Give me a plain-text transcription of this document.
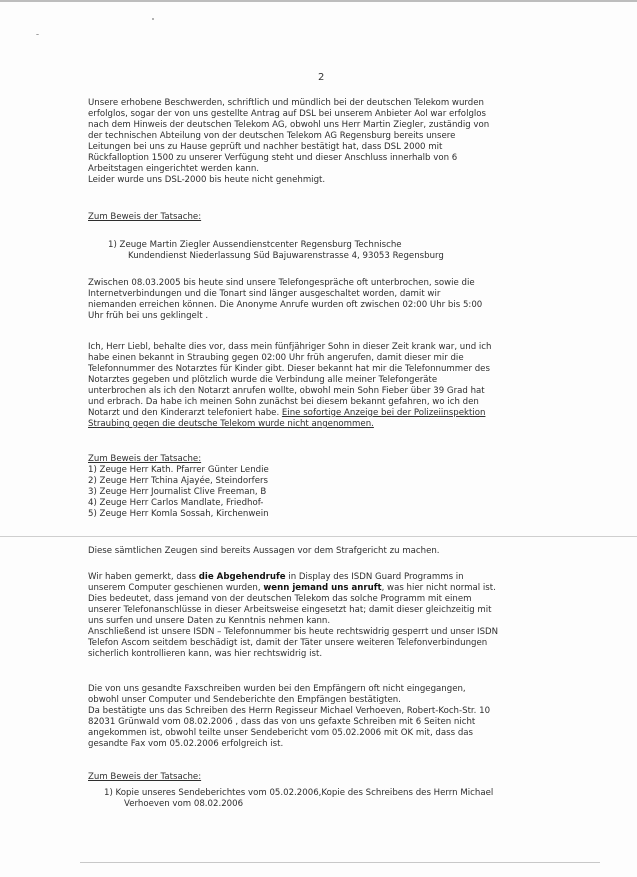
2

Unsere erhobene Beschwerden, schriftlich und mündlich bei der deutschen Telekom wurden

erfolglos, sogar der von uns gestellte Antrag auf DSL bei unserem Anbieter Aol war erfolglos

nach dem Hinweis der deutschen Telekom AG, obwohl uns Herr Martin Ziegler, zuständig von

der technischen Abteilung von der deutschen Telekom AG Regensburg bereits unsere

Leitungen bei uns zu Hause geprüft und nachher bestätigt hat, dass DSL 2000 mit

Rückfalloption 1500 zu unserer Verfügung steht und dieser Anschluss innerhalb von 6

Arbeitstagen eingerichtet werden kann.

Leider wurde uns DSL-2000 bis heute nicht genehmigt.

Zum Beweis der Tatsache:

1) Zeuge Martin Ziegler Aussendienstcenter Regensburg Technische

Kundendienst Niederlassung Süd Bajuwarenstrasse 4, 93053 Regensburg

Zwischen 08.03.2005 bis heute sind unsere Telefongespräche oft unterbrochen, sowie die

Internetverbindungen und die Tonart sind länger ausgeschaltet worden, damit wir

niemanden erreichen können. Die Anonyme Anrufe wurden oft zwischen 02:00 Uhr bis 5:00

Uhr früh bei uns geklingelt .

Ich, Herr Liebl, behalte dies vor, dass mein fünfjähriger Sohn in dieser Zeit krank war, und ich

habe einen bekannt in Straubing gegen 02:00 Uhr früh angerufen, damit dieser mir die

Telefonnummer des Notarztes für Kinder gibt. Dieser bekannt hat mir die Telefonnummer des

Notarztes gegeben und plötzlich wurde die Verbindung alle meiner Telefongeräte

unterbrochen als ich den Notarzt anrufen wollte, obwohl mein Sohn Fieber über 39 Grad hat

und erbrach. Da habe ich meinen Sohn zunächst bei diesem bekannt gefahren, wo ich den

Notarzt und den Kinderarzt telefoniert habe. Eine sofortige Anzeige bei der Polizeiinspektion

Straubing gegen die deutsche Telekom wurde nicht angenommen.

Zum Beweis der Tatsache:

1) Zeuge Herr Kath. Pfarrer Günter Lendie

2) Zeuge Herr Tchina Ajayée, Steindorfers

3) Zeuge Herr Journalist Clive Freeman, B

4) Zeuge Herr Carlos Mandlate, Friedhof-

5) Zeuge Herr Komla Sossah, Kirchenwein

Diese sämtlichen Zeugen sind bereits Aussagen vor dem Strafgericht zu machen.

Wir haben gemerkt, dass die Abgehendrufe in Display des ISDN Guard Programms in

unserem Computer geschienen wurden, wenn jemand uns anruft, was hier nicht normal ist.

Dies bedeutet, dass jemand von der deutschen Telekom das solche Programm mit einem

unserer Telefonanschlüsse in dieser Arbeitsweise eingesetzt hat; damit dieser gleichzeitig mit

uns surfen und unsere Daten zu Kenntnis nehmen kann.

Anschließend ist unsere ISDN – Telefonnummer bis heute rechtswidrig gesperrt und unser ISDN

Telefon Ascom seitdem beschädigt ist, damit der Täter unsere weiteren Telefonverbindungen

sicherlich kontrollieren kann, was hier rechtswidrig ist.

Die von uns gesandte Faxschreiben wurden bei den Empfängern oft nicht eingegangen,

obwohl unser Computer und Sendeberichte den Empfängen bestätigten.

Da bestätigte uns das Schreiben des Herrn Regisseur Michael Verhoeven, Robert-Koch-Str. 10

82031 Grünwald vom 08.02.2006 , dass das von uns gefaxte Schreiben mit 6 Seiten nicht

angekommen ist, obwohl teilte unser Sendebericht vom 05.02.2006 mit OK mit, dass das

gesandte Fax vom 05.02.2006 erfolgreich ist.

Zum Beweis der Tatsache:

1) Kopie unseres Sendeberichtes vom 05.02.2006,Kopie des Schreibens des Herrn Michael

Verhoeven vom 08.02.2006
